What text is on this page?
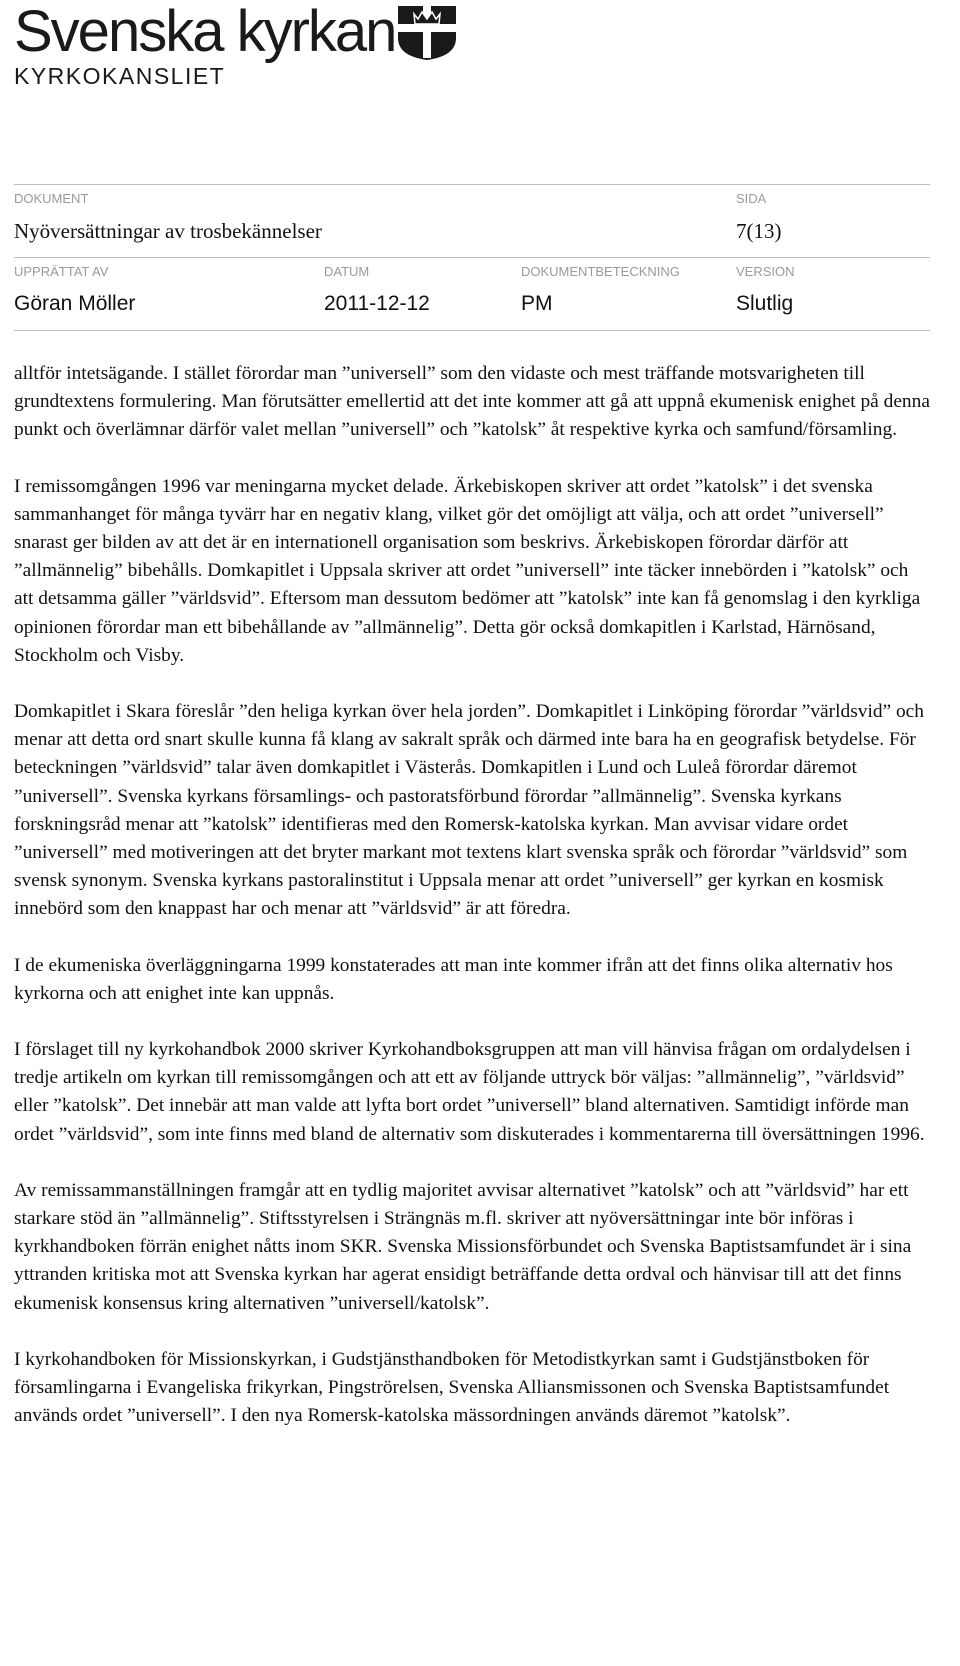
Svenska kyrkan
KYRKOKANSLIET
DOKUMENT
Nyöversättningar av trosbekännelser
SIDA
7(13)
UPPRÄTTAT AV
Göran Möller
DATUM
2011-12-12
DOKUMENTBETECKNING
PM
VERSION
Slutlig

alltför intetsägande. I stället förordar man ”universell” som den vidaste och mest träffande motsvarigheten till grundtextens formulering. Man förutsätter emellertid att det inte kommer att gå att uppnå ekumenisk enighet på denna punkt och överlämnar därför valet mellan ”universell” och ”katolsk” åt respektive kyrka och samfund/församling.

I remissomgången 1996 var meningarna mycket delade. Ärkebiskopen skriver att ordet ”katolsk” i det svenska sammanhanget för många tyvärr har en negativ klang, vilket gör det omöjligt att välja, och att ordet ”universell” snarast ger bilden av att det är en internationell organisation som beskrivs. Ärkebiskopen förordar därför att ”allmännelig” bibehålls. Domkapitlet i Uppsala skriver att ordet ”universell” inte täcker innebörden i ”katolsk” och att detsamma gäller ”världsvid”. Eftersom man dessutom bedömer att ”katolsk” inte kan få genomslag i den kyrkliga opinionen förordar man ett bibehållande av ”allmännelig”. Detta gör också domkapitlen i Karlstad, Härnösand, Stockholm och Visby.

Domkapitlet i Skara föreslår ”den heliga kyrkan över hela jorden”. Domkapitlet i Linköping förordar ”världsvid” och menar att detta ord snart skulle kunna få klang av sakralt språk och därmed inte bara ha en geografisk betydelse. För beteckningen ”världsvid” talar även domkapitlet i Västerås. Domkapitlen i Lund och Luleå förordar däremot ”universell”. Svenska kyrkans församlings- och pastoratsförbund förordar ”allmännelig”. Svenska kyrkans forskningsråd menar att ”katolsk” identifieras med den Romersk-katolska kyrkan. Man avvisar vidare ordet ”universell” med motiveringen att det bryter markant mot textens klart svenska språk och förordar ”världsvid” som svensk synonym. Svenska kyrkans pastoralinstitut i Uppsala menar att ordet ”universell” ger kyrkan en kosmisk innebörd som den knappast har och menar att ”världsvid” är att föredra.

I de ekumeniska överläggningarna 1999 konstaterades att man inte kommer ifrån att det finns olika alternativ hos kyrkorna och att enighet inte kan uppnås.

I förslaget till ny kyrkohandbok 2000 skriver Kyrkohandboksgruppen att man vill hänvisa frågan om ordalydelsen i tredje artikeln om kyrkan till remissomgången och att ett av följande uttryck bör väljas: ”allmännelig”, ”världsvid” eller ”katolsk”. Det innebär att man valde att lyfta bort ordet ”universell” bland alternativen. Samtidigt införde man ordet ”världsvid”, som inte finns med bland de alternativ som diskuterades i kommentarerna till översättningen 1996.

Av remissammanställningen framgår att en tydlig majoritet avvisar alternativet ”katolsk” och att ”världsvid” har ett starkare stöd än ”allmännelig”. Stiftsstyrelsen i Strängnäs m.fl. skriver att nyöversättningar inte bör införas i kyrkhandboken förrän enighet nåtts inom SKR. Svenska Missionsförbundet och Svenska Baptistsamfundet är i sina yttranden kritiska mot att Svenska kyrkan har agerat ensidigt beträffande detta ordval och hänvisar till att det finns ekumenisk konsensus kring alternativen ”universell/katolsk”.

I kyrkohandboken för Missionskyrkan, i Gudstjänsthandboken för Metodistkyrkan samt i Gudstjänstboken för församlingarna i Evangeliska frikyrkan, Pingströrelsen, Svenska Alliansmissonen och Svenska Baptistsamfundet används ordet ”universell”. I den nya Romersk-katolska mässordningen används däremot ”katolsk”.
